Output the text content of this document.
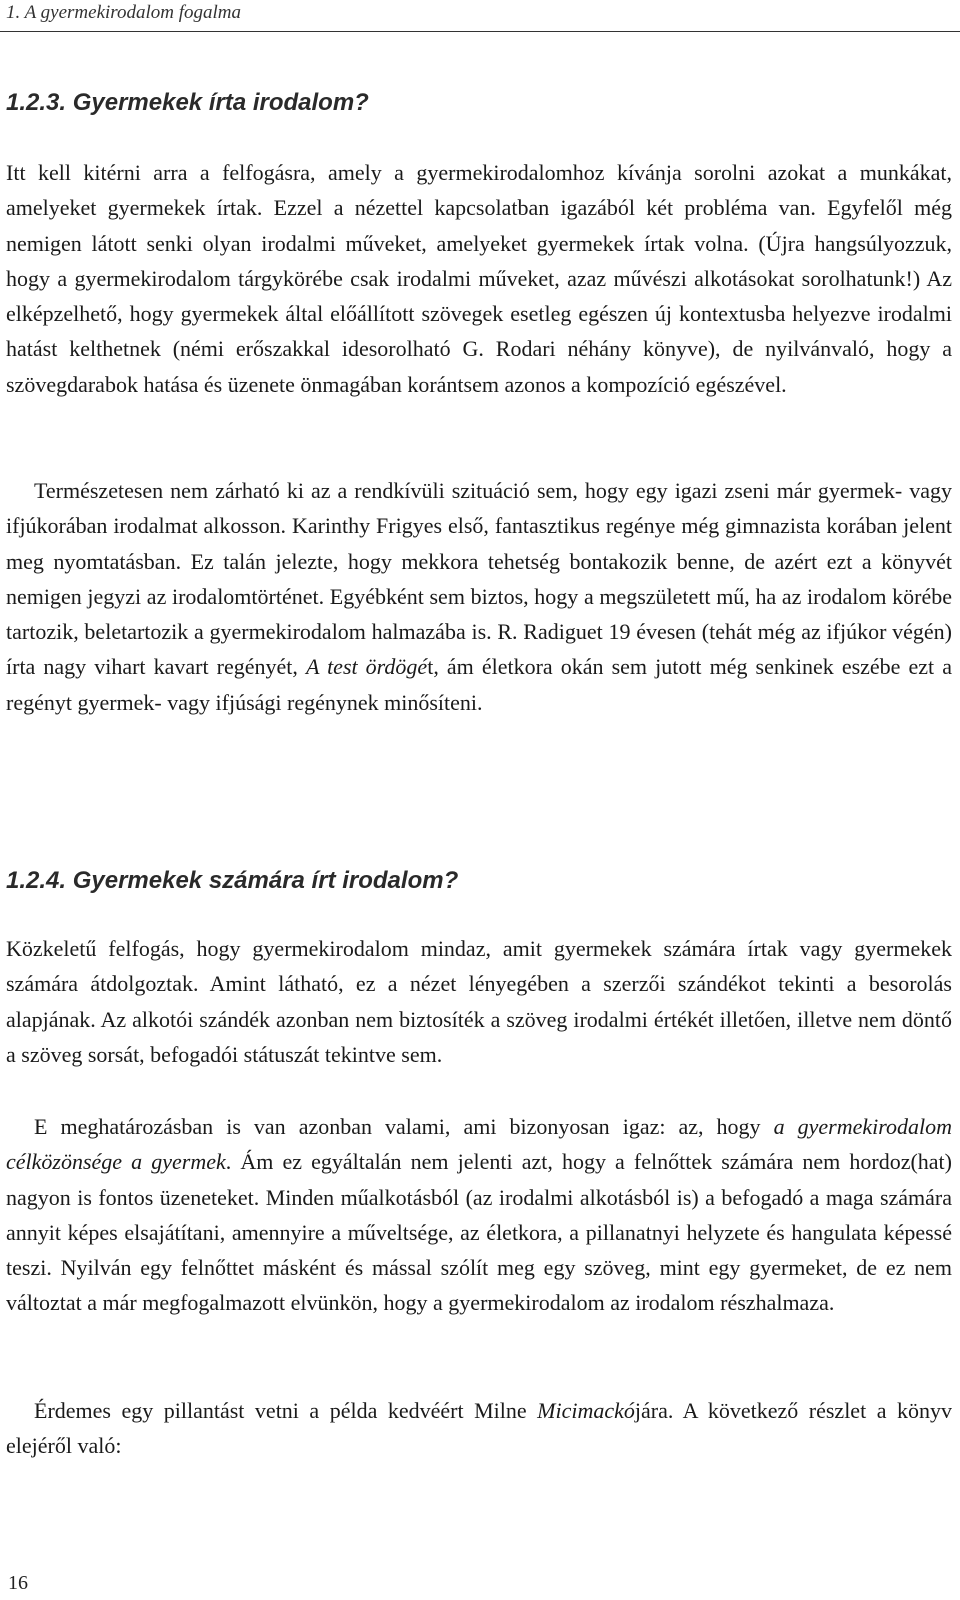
1. A gyermekirodalom fogalma
1.2.3. Gyermekek írta irodalom?

Itt kell kitérni arra a felfogásra, amely a gyermekirodalomhoz kívánja sorolni azokat a munkákat, amelyeket gyermekek írtak. Ezzel a nézettel kapcsolatban igazából két probléma van. Egyfelől még nemigen látott senki olyan irodalmi műveket, amelyeket gyermekek írtak volna. (Újra hangsúlyozzuk, hogy a gyermekirodalom tárgykörébe csak irodalmi műveket, azaz művészi alkotásokat sorolhatunk!) Az elképzelhető, hogy gyermekek által előállított szövegek esetleg egészen új kontextusba helyezve irodalmi hatást kelthetnek (némi erőszakkal idesorolható G. Rodari néhány könyve), de nyilvánvaló, hogy a szövegdarabok hatása és üzenete önmagában korántsem azonos a kompozíció egészével.

Természetesen nem zárható ki az a rendkívüli szituáció sem, hogy egy igazi zseni már gyermek- vagy ifjúkorában irodalmat alkosson. Karinthy Frigyes első, fantasztikus regénye még gimnazista korában jelent meg nyomtatásban. Ez talán jelezte, hogy mekkora tehetség bontakozik benne, de azért ezt a könyvét nemigen jegyzi az irodalomtörténet. Egyébként sem biztos, hogy a megszületett mű, ha az irodalom körébe tartozik, beletartozik a gyermekirodalom halmazába is. R. Radiguet 19 évesen (tehát még az ifjúkor végén) írta nagy vihart kavart regényét, A test ördögét, ám életkora okán sem jutott még senkinek eszébe ezt a regényt gyermek- vagy ifjúsági regénynek minősíteni.

1.2.4. Gyermekek számára írt irodalom?

Közkeletű felfogás, hogy gyermekirodalom mindaz, amit gyermekek számára írtak vagy gyermekek számára átdolgoztak. Amint látható, ez a nézet lényegében a szerzői szándékot tekinti a besorolás alapjának. Az alkotói szándék azonban nem biztosíték a szöveg irodalmi értékét illetően, illetve nem döntő a szöveg sorsát, befogadói státuszát tekintve sem.

E meghatározásban is van azonban valami, ami bizonyosan igaz: az, hogy a gyermekirodalom célközönsége a gyermek. Ám ez egyáltalán nem jelenti azt, hogy a felnőttek számára nem hordoz(hat) nagyon is fontos üzeneteket. Minden műalkotásból (az irodalmi alkotásból is) a befogadó a maga számára annyit képes elsajátítani, amennyire a műveltsége, az életkora, a pillanatnyi helyzete és hangulata képessé teszi. Nyilván egy felnőttet másként és mással szólít meg egy szöveg, mint egy gyermeket, de ez nem változtat a már megfogalmazott elvünkön, hogy a gyermekirodalom az irodalom részhalmaza.

Érdemes egy pillantást vetni a példa kedvéért Milne Micimackójára. A következő részlet a könyv elejéről való:

16
